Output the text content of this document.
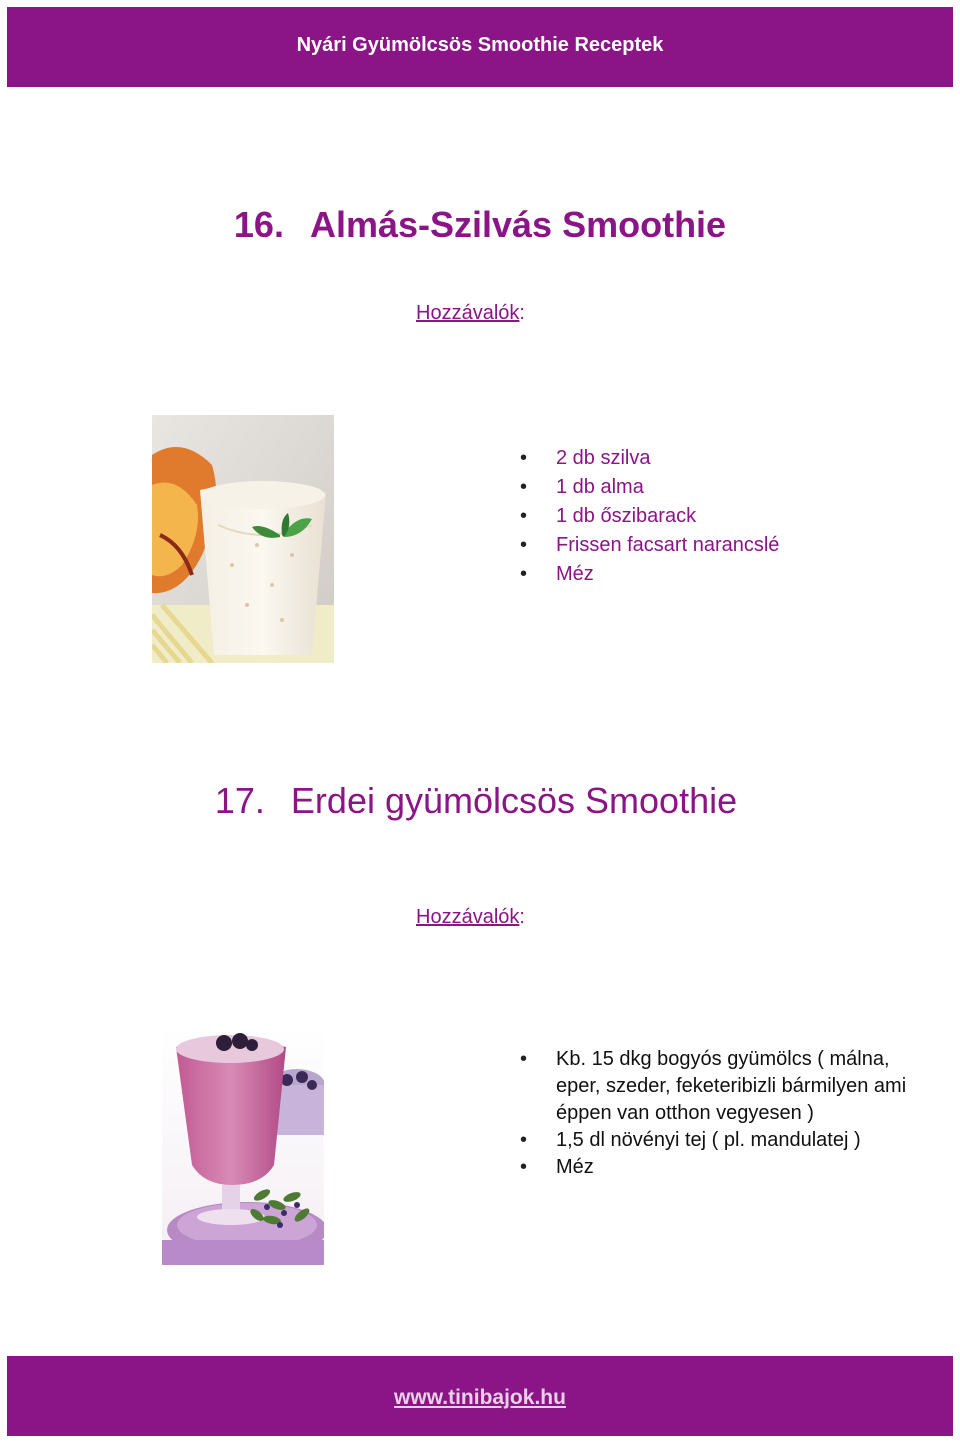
Nyári Gyümölcsös Smoothie Receptek
16. Almás-Szilvás Smoothie
Hozzávalók:
• 2 db szilva
• 1 db alma
• 1 db őszibarack
• Frissen facsart narancslé
• Méz
17. Erdei gyümölcsös Smoothie
Hozzávalók:
• Kb. 15 dkg bogyós gyümölcs ( málna, eper, szeder, feketeribizli bármilyen ami éppen van otthon vegyesen )
• 1,5 dl növényi tej ( pl. mandulatej )
• Méz
www.tinibajok.hu
